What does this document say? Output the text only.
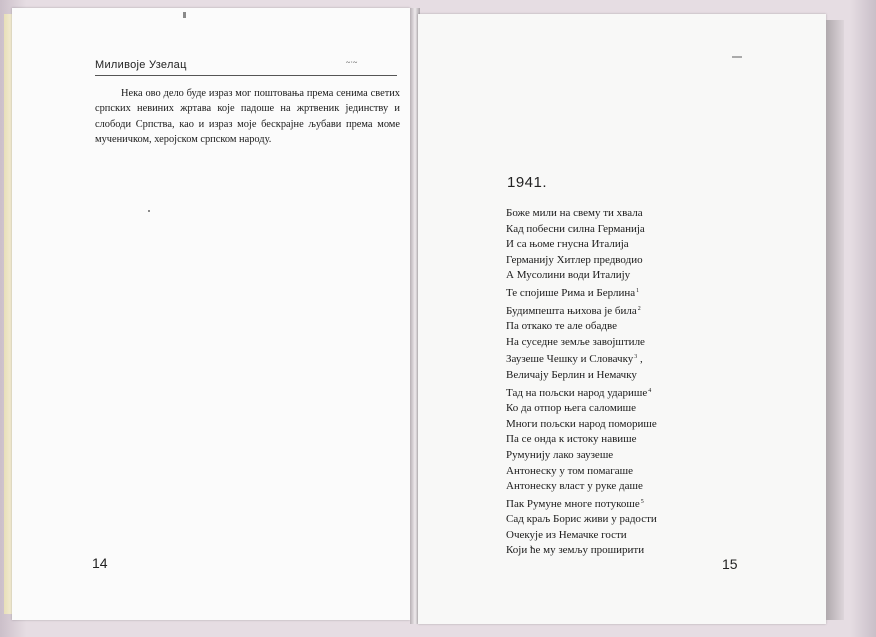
Миливоје Узелац	~·~
Нека ово дело буде израз мог поштовања према сенима светих српских невиних жртава које падоше на жртвеник јединству и слободи Српства, као и израз моје бескрајне љубави према моме мученичком, херојском српском народу.
14
1941.
Боже мили на свему ти хвала
Кад побесни силна Германија
И са њоме гнусна Италија
Германију Хитлер предводио
А Мусолини води Италију
Те спојише Рима и Берлина$^1$
Будимпешта њихова је била$^2$
Па откако те але обадве
На суседне земље завојштиле
Заузеше Чешку и Словачку$^3$ ,
Величају Берлин и Немачку
Тад на пољски народ ударише$^4$
Ко да отпор њега саломише
Многи пољски народ поморише
Па се онда к истоку навише
Румунију лако заузеше
Антонеску у том помагаше
Антонеску власт у руке даше
Пак Румуне многе потукоше$^5$
Сад краљ Борис живи у радости
Очекује из Немачке гости
Који ће му земљу проширити
15
